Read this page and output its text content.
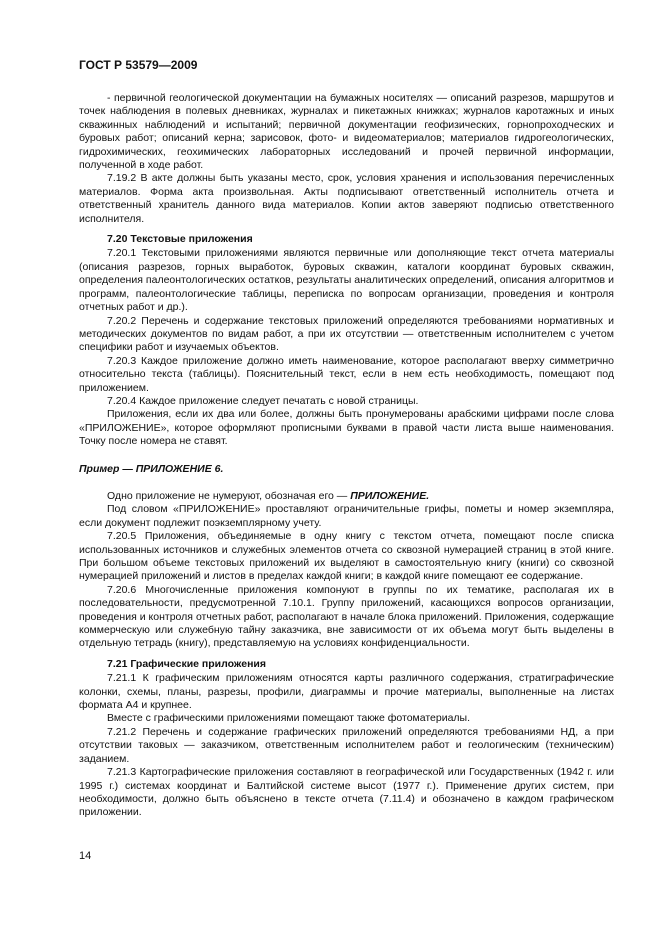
ГОСТ Р 53579—2009

- первичной геологической документации на бумажных носителях — описаний разрезов, маршрутов и точек наблюдения в полевых дневниках, журналах и пикетажных книжках; журналов каротажных и иных скважинных наблюдений и испытаний; первичной документации геофизических, горнопроходческих и буровых работ; описаний керна; зарисовок, фото- и видеоматериалов; материалов гидрогеологических, гидрохимических, геохимических лабораторных исследований и прочей первичной информации, полученной в ходе работ.

7.19.2 В акте должны быть указаны место, срок, условия хранения и использования перечисленных материалов. Форма акта произвольная. Акты подписывают ответственный исполнитель отчета и ответственный хранитель данного вида материалов. Копии актов заверяют подписью ответственного исполнителя.

7.20 Текстовые приложения

7.20.1 Текстовыми приложениями являются первичные или дополняющие текст отчета материалы (описания разрезов, горных выработок, буровых скважин, каталоги координат буровых скважин, определения палеонтологических остатков, результаты аналитических определений, описания алгоритмов и программ, палеонтологические таблицы, переписка по вопросам организации, проведения и контроля отчетных работ и др.).

7.20.2 Перечень и содержание текстовых приложений определяются требованиями нормативных и методических документов по видам работ, а при их отсутствии — ответственным исполнителем с учетом специфики работ и изучаемых объектов.

7.20.3 Каждое приложение должно иметь наименование, которое располагают вверху симметрично относительно текста (таблицы). Пояснительный текст, если в нем есть необходимость, помещают под приложением.

7.20.4 Каждое приложение следует печатать с новой страницы.

Приложения, если их два или более, должны быть пронумерованы арабскими цифрами после слова «ПРИЛОЖЕНИЕ», которое оформляют прописными буквами в правой части листа выше наименования. Точку после номера не ставят.

Пример — ПРИЛОЖЕНИЕ 6.

Одно приложение не нумеруют, обозначая его — ПРИЛОЖЕНИЕ.

Под словом «ПРИЛОЖЕНИЕ» проставляют ограничительные грифы, пометы и номер экземпляра, если документ подлежит поэкземплярному учету.

7.20.5 Приложения, объединяемые в одну книгу с текстом отчета, помещают после списка использованных источников и служебных элементов отчета со сквозной нумерацией страниц в этой книге. При большом объеме текстовых приложений их выделяют в самостоятельную книгу (книги) со сквозной нумерацией приложений и листов в пределах каждой книги; в каждой книге помещают ее содержание.

7.20.6 Многочисленные приложения компонуют в группы по их тематике, располагая их в последовательности, предусмотренной 7.10.1. Группу приложений, касающихся вопросов организации, проведения и контроля отчетных работ, располагают в начале блока приложений. Приложения, содержащие коммерческую или служебную тайну заказчика, вне зависимости от их объема могут быть выделены в отдельную тетрадь (книгу), представляемую на условиях конфиденциальности.

7.21 Графические приложения

7.21.1 К графическим приложениям относятся карты различного содержания, стратиграфические колонки, схемы, планы, разрезы, профили, диаграммы и прочие материалы, выполненные на листах формата А4 и крупнее.

Вместе с графическими приложениями помещают также фотоматериалы.

7.21.2 Перечень и содержание графических приложений определяются требованиями НД, а при отсутствии таковых — заказчиком, ответственным исполнителем работ и геологическим (техническим) заданием.

7.21.3 Картографические приложения составляют в географической или Государственных (1942 г. или 1995 г.) системах координат и Балтийской системе высот (1977 г.). Применение других систем, при необходимости, должно быть объяснено в тексте отчета (7.11.4) и обозначено в каждом графическом приложении.

14
